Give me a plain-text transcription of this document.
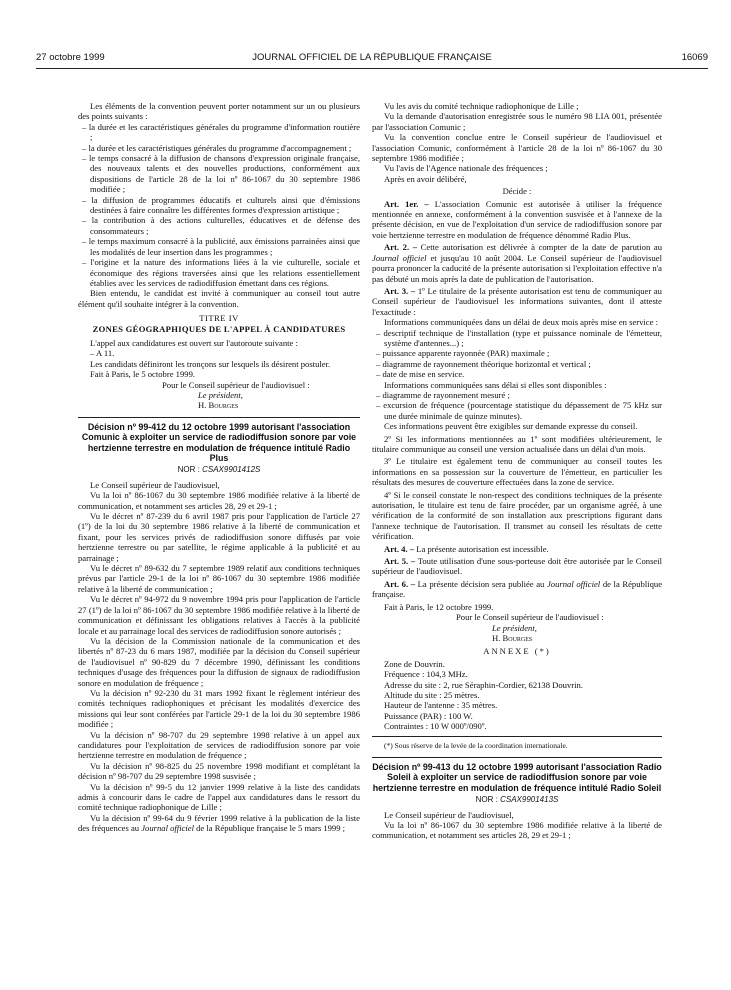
27 octobre 1999	JOURNAL OFFICIEL DE LA RÉPUBLIQUE FRANÇAISE	16069

Les éléments de la convention peuvent porter notamment sur un ou plusieurs des points suivants :

– la durée et les caractéristiques générales du programme d'information routière ;

– la durée et les caractéristiques générales du programme d'accompagnement ;

– le temps consacré à la diffusion de chansons d'expression originale française, des nouveaux talents et des nouvelles productions, conformément aux dispositions de l'article 28 de la loi nº 86-1067 du 30 septembre 1986 modifiée ;

– la diffusion de programmes éducatifs et culturels ainsi que d'émissions destinées à faire connaître les différentes formes d'expression artistique ;

– la contribution à des actions culturelles, éducatives et de défense des consommateurs ;

– le temps maximum consacré à la publicité, aux émissions parrainées ainsi que les modalités de leur insertion dans les programmes ;

– l'origine et la nature des informations liées à la vie culturelle, sociale et économique des régions traversées ainsi que les relations essentiellement établies avec les services de radiodiffusion émettant dans ces régions.

Bien entendu, le candidat est invité à communiquer au conseil tout autre élément qu'il souhaite intégrer à la convention.

TITRE IV

ZONES GÉOGRAPHIQUES DE L'APPEL À CANDIDATURES

L'appel aux candidatures est ouvert sur l'autoroute suivante :

– A 11.

Les candidats définiront les tronçons sur lesquels ils désirent postuler.

Fait à Paris, le 5 octobre 1999.

Pour le Conseil supérieur de l'audiovisuel :

Le président,

H. Bourges

Décision nº 99-412 du 12 octobre 1999 autorisant l'association Comunic à exploiter un service de radiodiffusion sonore par voie hertzienne terrestre en modulation de fréquence intitulé Radio Plus

NOR : CSAX9901412S

Le Conseil supérieur de l'audiovisuel,

Vu la loi nº 86-1067 du 30 septembre 1986 modifiée relative à la liberté de communication, et notamment ses articles 28, 29 et 29-1 ;

Vu le décret nº 87-239 du 6 avril 1987 pris pour l'application de l'article 27 (1º) de la loi du 30 septembre 1986 relative à la liberté de communication et fixant, pour les services privés de radiodiffusion sonore diffusés par voie hertzienne terrestre ou par satellite, le régime applicable à la publicité et au parrainage ;

Vu le décret nº 89-632 du 7 septembre 1989 relatif aux conditions techniques prévus par l'article 29-1 de la loi nº 86-1067 du 30 septembre 1986 modifiée relative à la liberté de communication ;

Vu le décret nº 94-972 du 9 novembre 1994 pris pour l'application de l'article 27 (1º) de la loi nº 86-1067 du 30 septembre 1986 modifiée relative à la liberté de communication et définissant les obligations relatives à l'accès à la publicité locale et au parrainage local des services de radiodiffusion sonore autorisés ;

Vu la décision de la Commission nationale de la communication et des libertés nº 87-23 du 6 mars 1987, modifiée par la décision du Conseil supérieur de l'audiovisuel nº 90-829 du 7 décembre 1990, définissant les conditions techniques d'usage des fréquences pour la diffusion de signaux de radiodiffusion sonore en modulation de fréquence ;

Vu la décision nº 92-230 du 31 mars 1992 fixant le règlement intérieur des comités techniques radiophoniques et précisant les modalités d'exercice des missions qui leur sont conférées par l'article 29-1 de la loi du 30 septembre 1986 modifiée ;

Vu la décision nº 98-707 du 29 septembre 1998 relative à un appel aux candidatures pour l'exploitation de services de radiodiffusion sonore par voie hertzienne terrestre en modulation de fréquence ;

Vu la décision nº 98-825 du 25 novembre 1998 modifiant et complétant la décision nº 98-707 du 29 septembre 1998 susvisée ;

Vu la décision nº 99-5 du 12 janvier 1999 relative à la liste des candidats admis à concourir dans le cadre de l'appel aux candidatures dans le ressort du comité technique radiophonique de Lille ;

Vu la décision nº 99-64 du 9 février 1999 relative à la publication de la liste des fréquences au Journal officiel de la République française le 5 mars 1999 ;

Vu les avis du comité technique radiophonique de Lille ;

Vu la demande d'autorisation enregistrée sous le numéro 98 LIA 001, présentée par l'association Comunic ;

Vu la convention conclue entre le Conseil supérieur de l'audiovisuel et l'association Comunic, conformément à l'article 28 de la loi nº 86-1067 du 30 septembre 1986 modifiée ;

Vu l'avis de l'Agence nationale des fréquences ;

Après en avoir délibéré,

Décide :

Art. 1er. – L'association Comunic est autorisée à utiliser la fréquence mentionnée en annexe, conformément à la convention susvisée et à l'annexe de la présente décision, en vue de l'exploitation d'un service de radiodiffusion sonore par voie hertzienne terrestre en modulation de fréquence dénommé Radio Plus.

Art. 2. – Cette autorisation est délivrée à compter de la date de parution au Journal officiel et jusqu'au 10 août 2004. Le Conseil supérieur de l'audiovisuel pourra prononcer la caducité de la présente autorisation si l'exploitation effective n'a pas débuté un mois après la date de publication de l'autorisation.

Art. 3. – 1º Le titulaire de la présente autorisation est tenu de communiquer au Conseil supérieur de l'audiovisuel les informations suivantes, dont il atteste l'exactitude :

Informations communiquées dans un délai de deux mois après mise en service :

– descriptif technique de l'installation (type et puissance nominale de l'émetteur, système d'antennes...) ;

– puissance apparente rayonnée (PAR) maximale ;

– diagramme de rayonnement théorique horizontal et vertical ;

– date de mise en service.

Informations communiquées sans délai si elles sont disponibles :

– diagramme de rayonnement mesuré ;

– excursion de fréquence (pourcentage statistique du dépassement de 75 kHz sur une durée minimale de quinze minutes).

Ces informations peuvent être exigibles sur demande expresse du conseil.

2º Si les informations mentionnées au 1º sont modifiées ultérieurement, le titulaire communique au conseil une version actualisée dans un délai d'un mois.

3º Le titulaire est également tenu de communiquer au conseil toutes les informations en sa possession sur la couverture de l'émetteur, en particulier les résultats des mesures de couverture effectuées dans la zone de service.

4º Si le conseil constate le non-respect des conditions techniques de la présente autorisation, le titulaire est tenu de faire procéder, par un organisme agréé, à une vérification de la conformité de son installation aux prescriptions figurant dans l'annexe technique de l'autorisation. Il transmet au conseil les résultats de cette vérification.

Art. 4. – La présente autorisation est incessible.

Art. 5. – Toute utilisation d'une sous-porteuse doit être autorisée par le Conseil supérieur de l'audiovisuel.

Art. 6. – La présente décision sera publiée au Journal officiel de la République française.

Fait à Paris, le 12 octobre 1999.

Pour le Conseil supérieur de l'audiovisuel :

Le président,

H. Bourges

ANNEXE (*)

Zone de Douvrin.

Fréquence : 104,3 MHz.

Adresse du site : 2, rue Séraphin-Cordier, 62138 Douvrin.

Altitude du site : 25 mètres.

Hauteur de l'antenne : 35 mètres.

Puissance (PAR) : 100 W.

Contraintes : 10 W 000º/090º.

(*) Sous réserve de la levée de la coordination internationale.

Décision nº 99-413 du 12 octobre 1999 autorisant l'association Radio Soleil à exploiter un service de radiodiffusion sonore par voie hertzienne terrestre en modulation de fréquence intitulé Radio Soleil

NOR : CSAX9901413S

Le Conseil supérieur de l'audiovisuel,

Vu la loi nº 86-1067 du 30 septembre 1986 modifiée relative à la liberté de communication, et notamment ses articles 28, 29 et 29-1 ;
